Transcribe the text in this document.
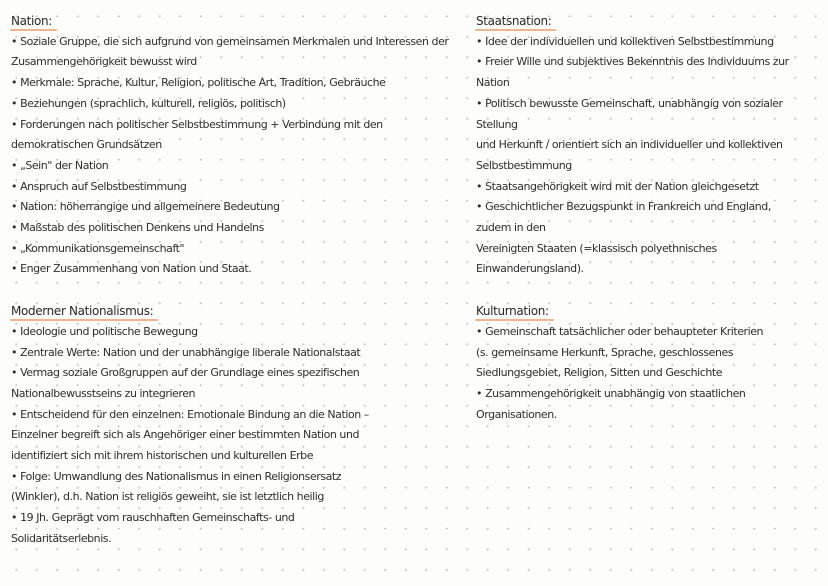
Nation:
• Soziale Gruppe, die sich aufgrund von gemeinsamen Merkmalen und Interessen der
Zusammengehörigkeit bewusst wird
• Merkmale: Sprache, Kultur, Religion, politische Art, Tradition, Gebräuche
• Beziehungen (sprachlich, kulturell, religiös, politisch)
• Forderungen nach politischer Selbstbestimmung + Verbindung mit den
demokratischen Grundsätzen
• „Sein" der Nation
• Anspruch auf Selbstbestimmung
• Nation: höherrangige und allgemeinere Bedeutung
• Maßstab des politischen Denkens und Handelns
• „Kommunikationsgemeinschaft"
• Enger Zusammenhang von Nation und Staat.
Moderner Nationalismus:
• Ideologie und politische Bewegung
• Zentrale Werte: Nation und der unabhängige liberale Nationalstaat
• Vermag soziale Großgruppen auf der Grundlage eines spezifischen
Nationalbewusstseins zu integrieren
• Entscheidend für den einzelnen: Emotionale Bindung an die Nation –
Einzelner begreift sich als Angehöriger einer bestimmten Nation und
identifiziert sich mit ihrem historischen und kulturellen Erbe
• Folge: Umwandlung des Nationalismus in einen Religionsersatz
(Winkler), d.h. Nation ist religiös geweiht, sie ist letztlich heilig
• 19 Jh. Geprägt vom rauschhaften Gemeinschafts- und
Solidaritätserlebnis.
Staatsnation:
• Idee der individuellen und kollektiven Selbstbestimmung
• Freier Wille und subjektives Bekenntnis des Individuums zur
Nation
• Politisch bewusste Gemeinschaft, unabhängig von sozialer
Stellung
und Herkunft / orientiert sich an individueller und kollektiven
Selbstbestimmung
• Staatsangehörigkeit wird mit der Nation gleichgesetzt
• Geschichtlicher Bezugspunkt in Frankreich und England,
zudem in den
Vereinigten Staaten (=klassisch polyethnisches
Einwanderungsland).
Kulturnation:
• Gemeinschaft tatsächlicher oder behaupteter Kriterien
(s. gemeinsame Herkunft, Sprache, geschlossenes
Siedlungsgebiet, Religion, Sitten und Geschichte
• Zusammengehörigkeit unabhängig von staatlichen
Organisationen.
